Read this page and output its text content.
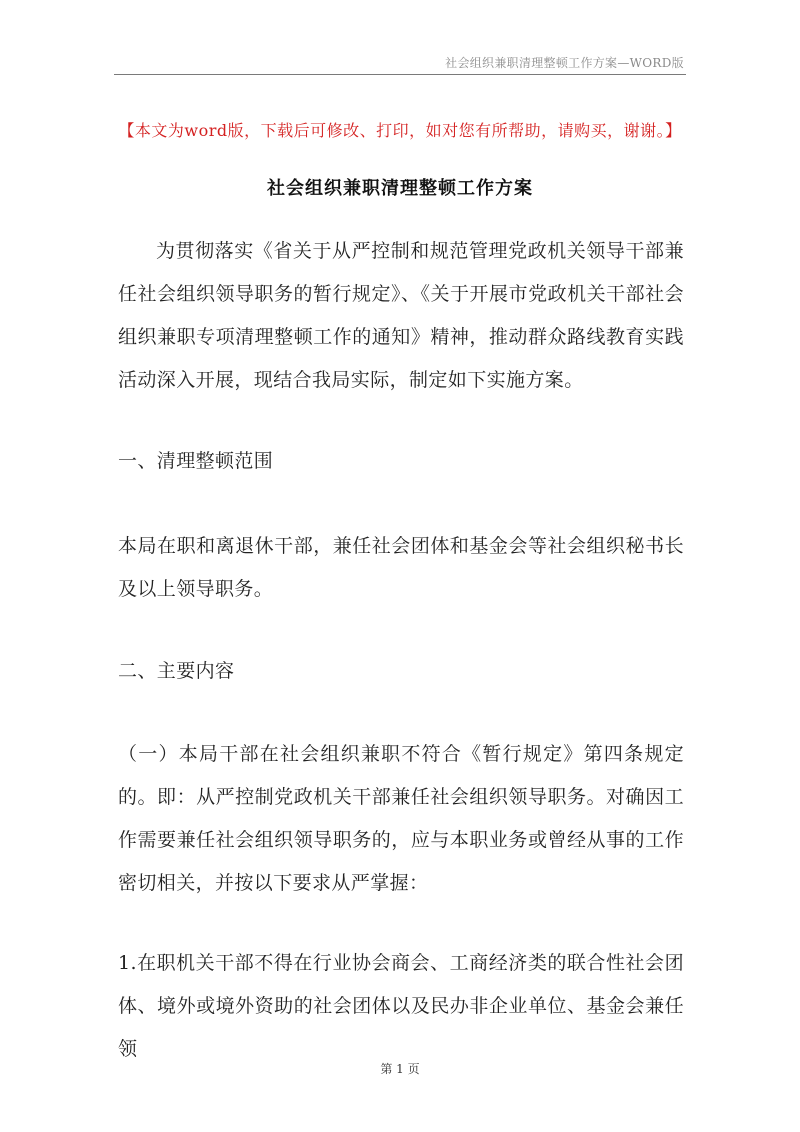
社会组织兼职清理整顿工作方案—WORD版
【本文为word版，下载后可修改、打印，如对您有所帮助，请购买，谢谢。】
社会组织兼职清理整顿工作方案

为贯彻落实《省关于从严控制和规范管理党政机关领导干部兼任社会组织领导职务的暂行规定》、《关于开展市党政机关干部社会组织兼职专项清理整顿工作的通知》精神，推动群众路线教育实践活动深入开展，现结合我局实际，制定如下实施方案。

一、清理整顿范围

本局在职和离退休干部，兼任社会团体和基金会等社会组织秘书长及以上领导职务。

二、主要内容

（一）本局干部在社会组织兼职不符合《暂行规定》第四条规定的。即：从严控制党政机关干部兼任社会组织领导职务。对确因工作需要兼任社会组织领导职务的，应与本职业务或曾经从事的工作密切相关，并按以下要求从严掌握：

1.在职机关干部不得在行业协会商会、工商经济类的联合性社会团体、境外或境外资助的社会团体以及民办非企业单位、基金会兼任领

第 1 页
